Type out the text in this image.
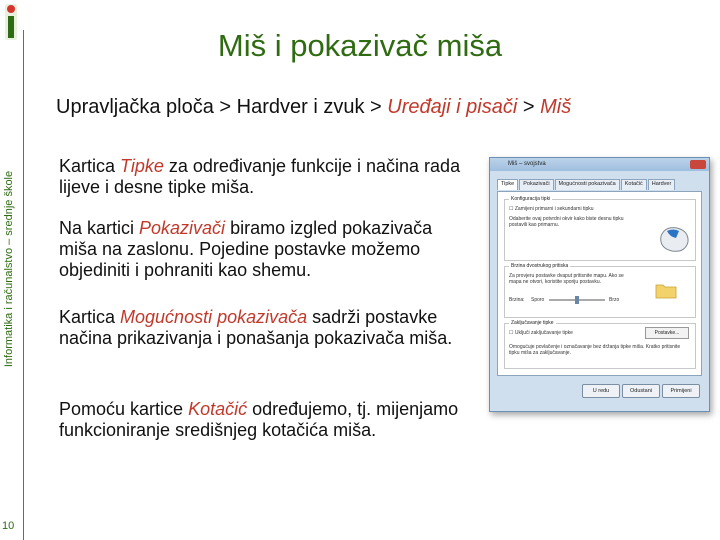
Informatika i računalstvo – srednje škole
10
Miš i pokazivač miša
Upravljačka ploča > Hardver i zvuk > Uređaji i pisači > Miš
Kartica Tipke za određivanje funkcije i načina rada lijeve i desne tipke miša.
Na kartici Pokazivači biramo izgled pokazivača miša na zaslonu. Pojedine postavke možemo objediniti i pohraniti kao shemu.
Kartica Mogućnosti pokazivača sadrži postavke načina prikazivanja i ponašanja pokazivača miša.
Pomoću kartice Kotačić određujemo, tj. mijenjamo funkcioniranje središnjeg kotačića miša.
Miš – svojstva
Tipke	Pokazivači	Mogućnosti pokazivača	Kotačić	Hardver
Konfiguracija tipki
☐ Zamijeni primarni i sekundarni tipku
Odaberite ovaj potvrdni okvir kako biste desnu tipku postavili kao primarnu.
Brzina dvostrukog pritiska
Za provjeru postavke dvaput pritisnite mapu. Ako se mapa ne otvori, koristite sporiju postavku.
Brzina: Sporo	Brzo
Zaključavanje tipke
☐ Uključi zaključavanje tipke	Postavke...
Omogućuje povlačenje i označavanje bez držanja tipke miša. Kratko pritisnite tipku miša za zaključavanje.
U redu	Odustani	Primijeni
